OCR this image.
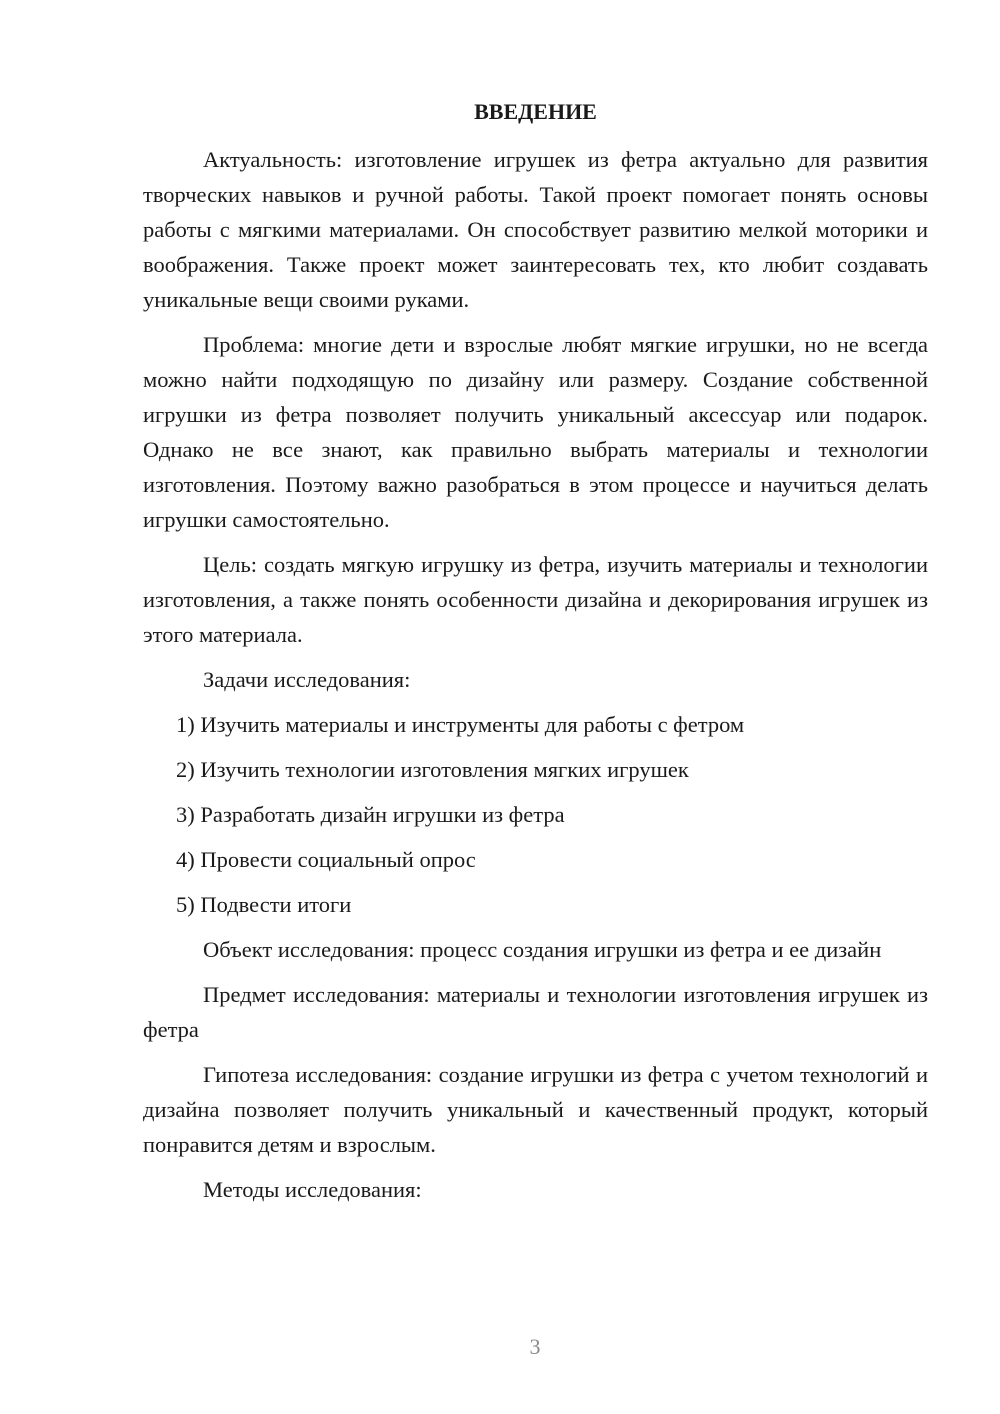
ВВЕДЕНИЕ

Актуальность: изготовление игрушек из фетра актуально для развития творческих навыков и ручной работы. Такой проект помогает понять основы работы с мягкими материалами. Он способствует развитию мелкой моторики и воображения. Также проект может заинтересовать тех, кто любит создавать уникальные вещи своими руками.

Проблема: многие дети и взрослые любят мягкие игрушки, но не всегда можно найти подходящую по дизайну или размеру. Создание собственной игрушки из фетра позволяет получить уникальный аксессуар или подарок. Однако не все знают, как правильно выбрать материалы и технологии изготовления. Поэтому важно разобраться в этом процессе и научиться делать игрушки самостоятельно.

Цель: создать мягкую игрушку из фетра, изучить материалы и технологии изготовления, а также понять особенности дизайна и декорирования игрушек из этого материала.

Задачи исследования:

1) Изучить материалы и инструменты для работы с фетром
2) Изучить технологии изготовления мягких игрушек
3) Разработать дизайн игрушки из фетра
4) Провести социальный опрос
5) Подвести итоги

Объект исследования: процесс создания игрушки из фетра и ее дизайн

Предмет исследования: материалы и технологии изготовления игрушек из фетра

Гипотеза исследования: создание игрушки из фетра с учетом технологий и дизайна позволяет получить уникальный и качественный продукт, который понравится детям и взрослым.

Методы исследования:

3
